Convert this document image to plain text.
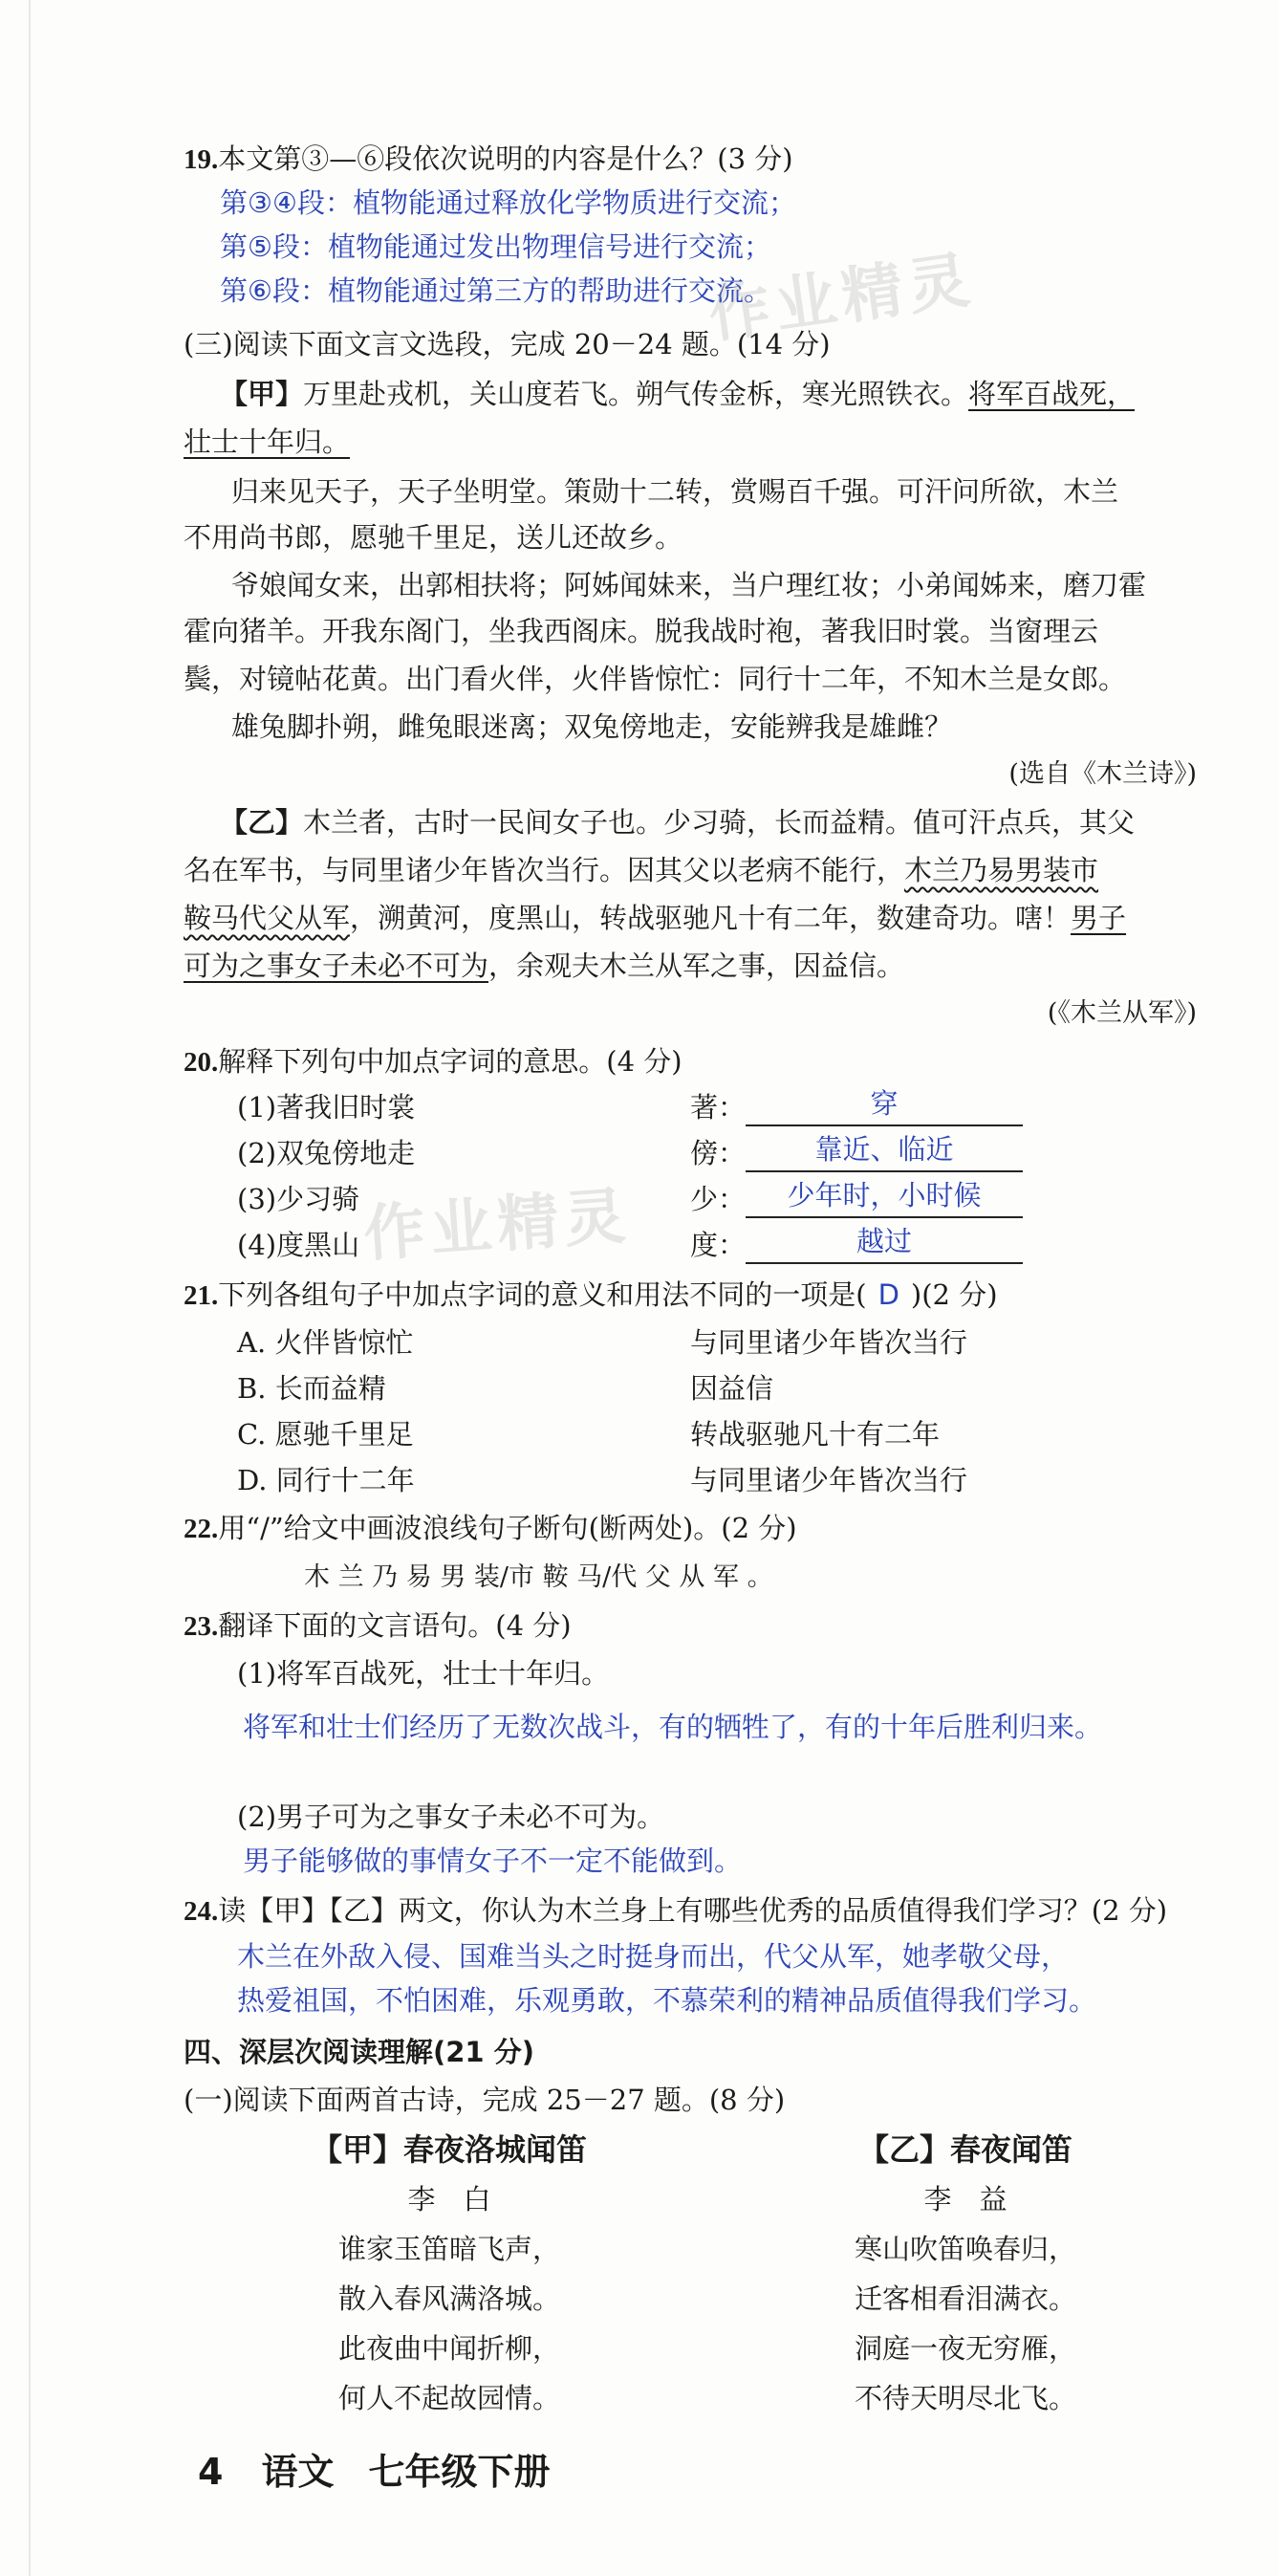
19.本文第③—⑥段依次说明的内容是什么？(3 分)
第③④段：植物能通过释放化学物质进行交流；
第⑤段：植物能通过发出物理信号进行交流；
第⑥段：植物能通过第三方的帮助进行交流。
(三)阅读下面文言文选段，完成 20－24 题。(14 分)
【甲】万里赴戎机，关山度若飞。朔气传金柝，寒光照铁衣。将军百战死，
壮士十年归。
归来见天子，天子坐明堂。策勋十二转，赏赐百千强。可汗问所欲，木兰
不用尚书郎，愿驰千里足，送儿还故乡。
爷娘闻女来，出郭相扶将；阿姊闻妹来，当户理红妆；小弟闻姊来，磨刀霍
霍向猪羊。开我东阁门，坐我西阁床。脱我战时袍，著我旧时裳。当窗理云
鬓，对镜帖花黄。出门看火伴，火伴皆惊忙：同行十二年，不知木兰是女郎。
雄兔脚扑朔，雌兔眼迷离；双兔傍地走，安能辨我是雄雌？
(选自《木兰诗》)
【乙】木兰者，古时一民间女子也。少习骑，长而益精。值可汗点兵，其父
名在军书，与同里诸少年皆次当行。因其父以老病不能行，木兰乃易男装市
鞍马代父从军，溯黄河，度黑山，转战驱驰凡十有二年，数建奇功。嗐！男子
可为之事女子未必不可为，余观夫木兰从军之事，因益信。
(《木兰从军》)
20.解释下列句中加点字词的意思。(4 分)
(1)著我旧时裳	著：	穿
(2)双兔傍地走	傍：	靠近、临近
(3)少习骑	少：	少年时，小时候
(4)度黑山	度：	越过
21.下列各组句子中加点字词的意义和用法不同的一项是( D )(2 分)
A. 火伴皆惊忙	与同里诸少年皆次当行
B. 长而益精	因益信
C. 愿驰千里足	转战驱驰凡十有二年
D. 同行十二年	与同里诸少年皆次当行
22.用“/”给文中画波浪线句子断句(断两处)。(2 分)
木 兰 乃 易 男 装/市 鞍 马/代 父 从 军 。
23.翻译下面的文言语句。(4 分)
(1)将军百战死，壮士十年归。
将军和壮士们经历了无数次战斗，有的牺牲了，有的十年后胜利归来。
(2)男子可为之事女子未必不可为。
男子能够做的事情女子不一定不能做到。
24.读【甲】【乙】两文，你认为木兰身上有哪些优秀的品质值得我们学习？(2 分)
木兰在外敌入侵、国难当头之时挺身而出，代父从军，她孝敬父母，
热爱祖国，不怕困难，乐观勇敢，不慕荣利的精神品质值得我们学习。
四、深层次阅读理解(21 分)
(一)阅读下面两首古诗，完成 25－27 题。(8 分)
【甲】春夜洛城闻笛
李　白
谁家玉笛暗飞声，
散入春风满洛城。
此夜曲中闻折柳，
何人不起故园情。
【乙】春夜闻笛
李　益
寒山吹笛唤春归，
迁客相看泪满衣。
洞庭一夜无穷雁，
不待天明尽北飞。
作业精灵
作业精灵
4 语文 七年级下册
